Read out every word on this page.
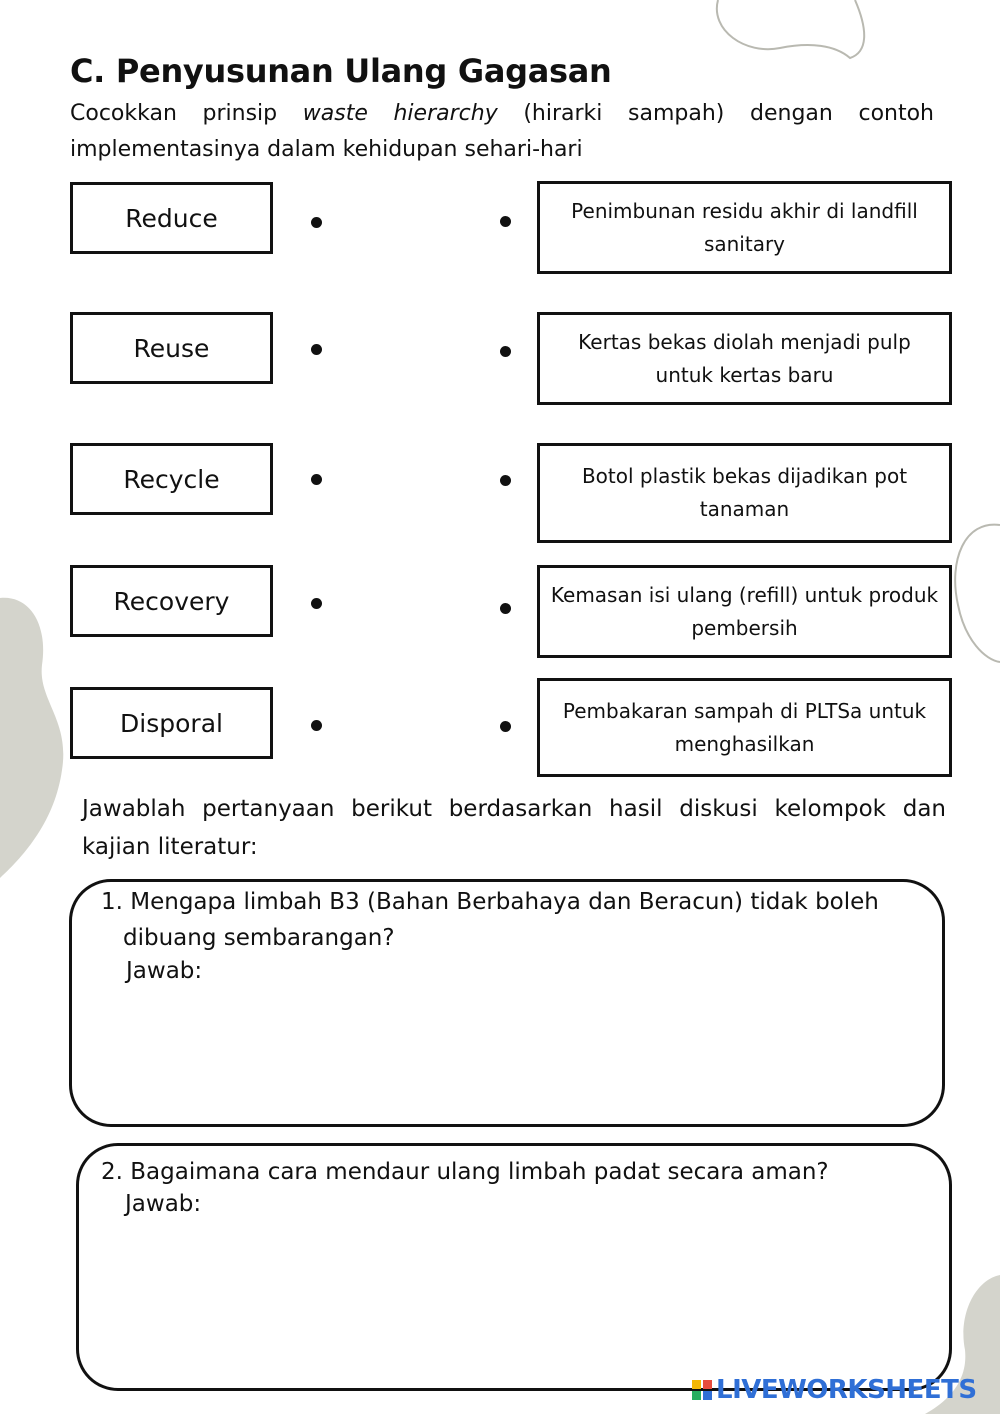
C. Penyusunan Ulang Gagasan

Cocokkan prinsip waste hierarchy (hirarki sampah) dengan contoh implementasinya dalam kehidupan sehari-hari

Reduce	Penimbunan residu akhir di landfill sanitary
Reuse	Kertas bekas diolah menjadi pulp untuk kertas baru
Recycle	Botol plastik bekas dijadikan pot tanaman
Recovery	Kemasan isi ulang (refill) untuk produk pembersih
Disporal	Pembakaran sampah di PLTSa untuk menghasilkan

Jawablah pertanyaan berikut berdasarkan hasil diskusi kelompok dan kajian literatur:

1. Mengapa limbah B3 (Bahan Berbahaya dan Beracun) tidak boleh dibuang sembarangan?

Jawab:

2. Bagaimana cara mendaur ulang limbah padat secara aman?

Jawab:

LIVEWORKSHEETS
